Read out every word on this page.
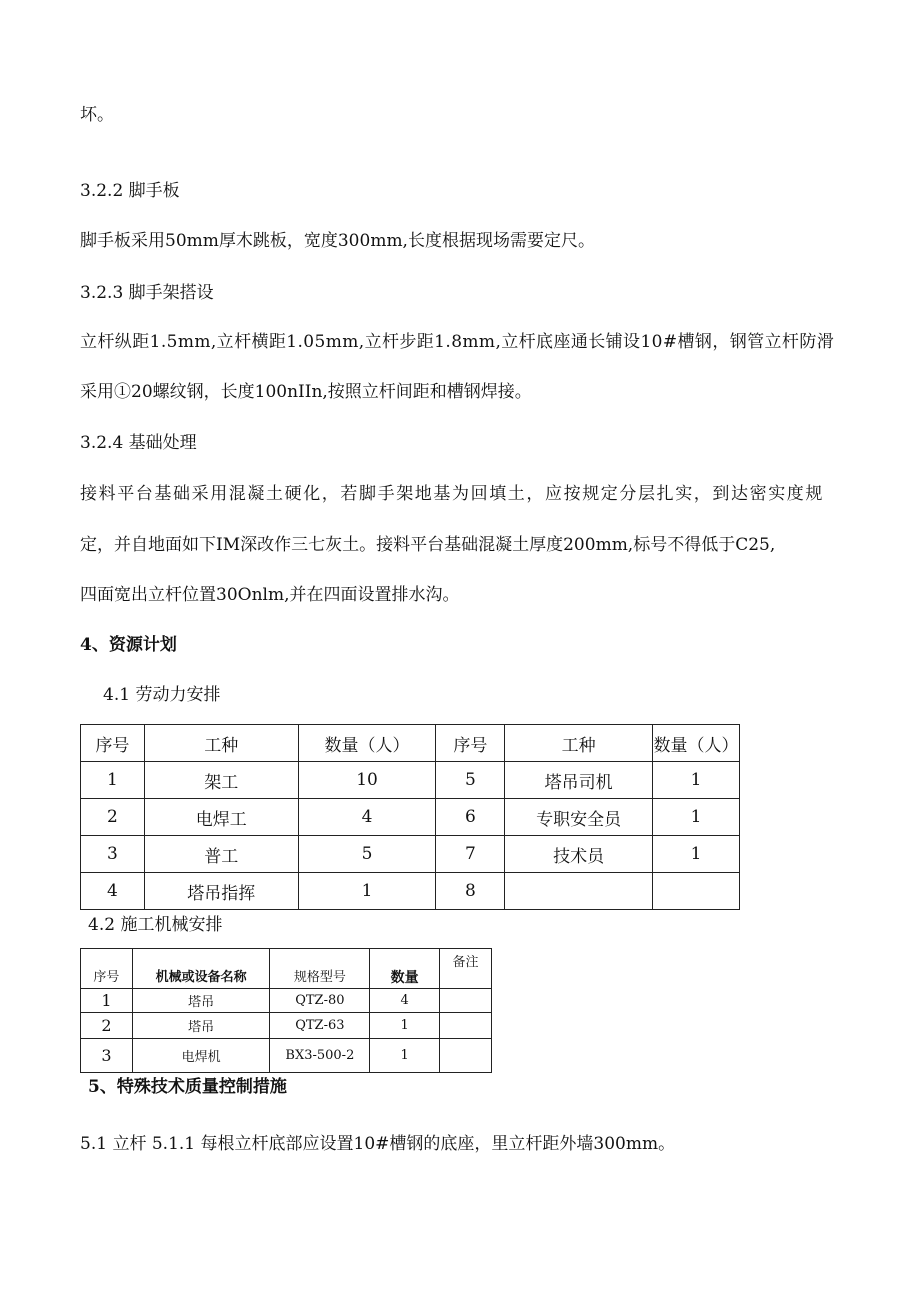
坏。
3.2.2 脚手板
脚手板采用50mm厚木跳板，宽度300mm,长度根据现场需要定尺。
3.2.3 脚手架搭设
立杆纵距1.5mm,立杆横距1.05mm,立杆步距1.8mm,立杆底座通长铺设10#槽钢，钢管立杆防滑
采用①20螺纹钢，长度100nIIn,按照立杆间距和槽钢焊接。
3.2.4 基础处理
接料平台基础采用混凝土硬化，若脚手架地基为回填土，应按规定分层扎实，到达密实度规
定，并自地面如下IM深改作三七灰土。接料平台基础混凝土厚度200mm,标号不得低于C25,
四面宽出立杆位置30Onlm,并在四面设置排水沟。
4、资源计划
4.1 劳动力安排
序号	工种	数量（人）	序号	工种	数量（人）
1	架工	10	5	塔吊司机	1
2	电焊工	4	6	专职安全员	1
3	普工	5	7	技术员	1
4	塔吊指挥	1	8		
4.2 施工机械安排
序号	机械或设备名称	规格型号	数量	备注
1	塔吊	QTZ-80	4	
2	塔吊	QTZ-63	1	
3	电焊机	BX3-500-2	1	
5、特殊技术质量控制措施
5.1 立杆 5.1.1 每根立杆底部应设置10#槽钢的底座，里立杆距外墙300mm。
